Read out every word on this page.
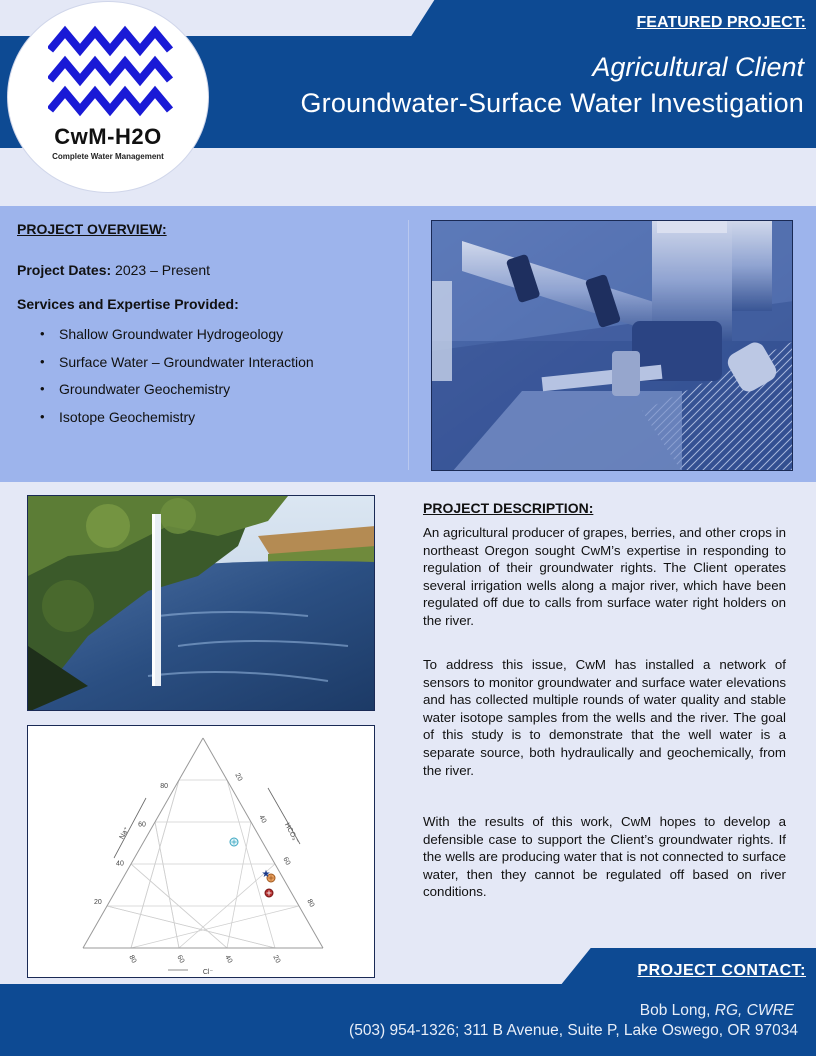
FEATURED PROJECT:
Agricultural Client
Groundwater-Surface Water Investigation
CwM-H2O
Complete Water Management
PROJECT OVERVIEW:
Project Dates: 2023 – Present
Services and Expertise Provided:
• Shallow Groundwater Hydrogeology
• Surface Water – Groundwater Interaction
• Groundwater Geochemistry
• Isotope Geochemistry
20
40
60
80
20
40
60
80
80	60	40	20
Na⁺	HCO₃⁻
Cl⁻
★
PROJECT DESCRIPTION:

An agricultural producer of grapes, berries, and other crops in northeast Oregon sought CwM’s expertise in responding to regulation of their groundwater rights. The Client operates several irrigation wells along a major river, which have been regulated off due to calls from surface water right holders on the river.

To address this issue, CwM has installed a network of sensors to monitor groundwater and surface water elevations and has collected multiple rounds of water quality and stable water isotope samples from the wells and the river. The goal of this study is to demonstrate that the well water is a separate source, both hydraulically and geochemically, from the river.

With the results of this work, CwM hopes to develop a defensible case to support the Client’s groundwater rights. If the wells are producing water that is not connected to surface water, then they cannot be regulated off based on river conditions.

PROJECT CONTACT:
Bob Long, RG, CWRE
(503) 954-1326; 311 B Avenue, Suite P, Lake Oswego, OR 97034
